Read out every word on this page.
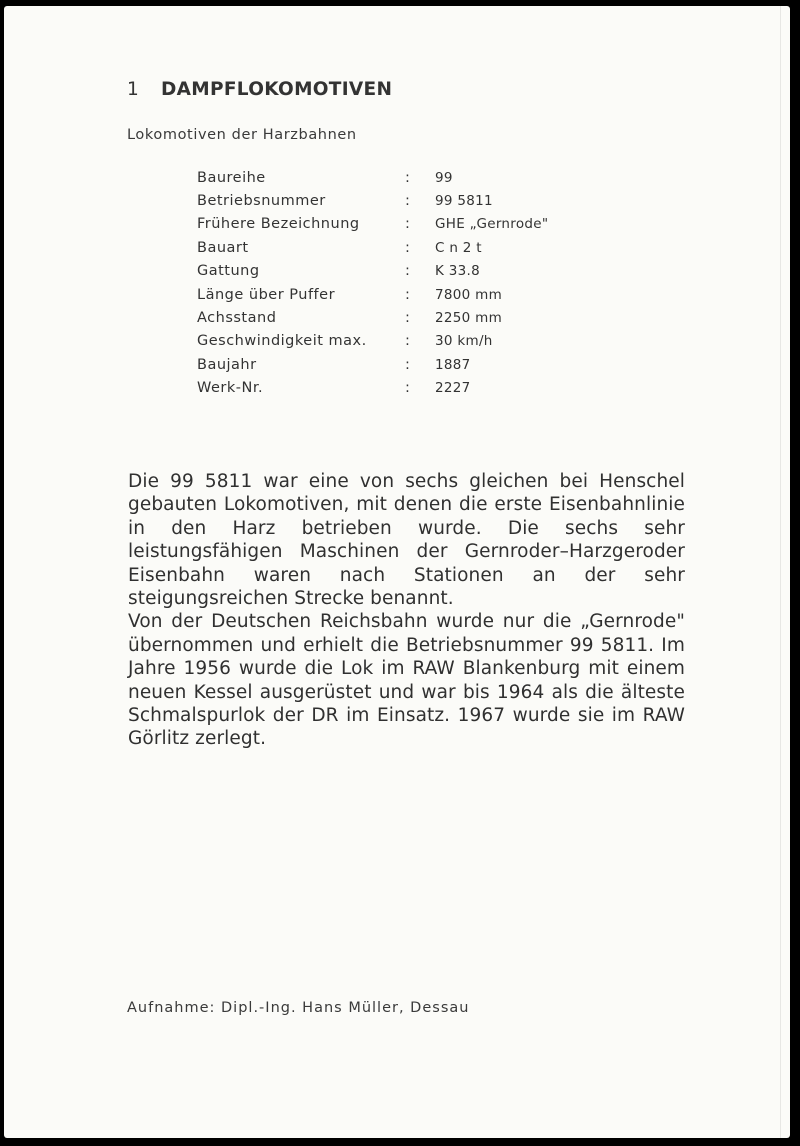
1 DAMPFLOKOMOTIVEN
Lokomotiven der Harzbahnen
Baureihe	:	99
Betriebsnummer	:	99 5811
Frühere Bezeichnung	:	GHE „Gernrode"
Bauart	:	C n 2 t
Gattung	:	K 33.8
Länge über Puffer	:	7800 mm
Achsstand	:	2250 mm
Geschwindigkeit max.	:	30 km/h
Baujahr	:	1887
Werk-Nr.	:	2227

Die 99 5811 war eine von sechs gleichen bei Henschel gebauten Lokomotiven, mit denen die erste Eisenbahnlinie in den Harz betrieben wurde. Die sechs sehr leistungsfähigen Maschinen der Gernroder–Harzgeroder Eisenbahn waren nach Stationen an der sehr steigungsreichen Strecke benannt.

Von der Deutschen Reichsbahn wurde nur die „Gernrode" übernommen und erhielt die Betriebsnummer 99 5811. Im Jahre 1956 wurde die Lok im RAW Blankenburg mit einem neuen Kessel ausgerüstet und war bis 1964 als die älteste Schmalspurlok der DR im Einsatz. 1967 wurde sie im RAW Görlitz zerlegt.

Aufnahme: Dipl.-Ing. Hans Müller, Dessau
